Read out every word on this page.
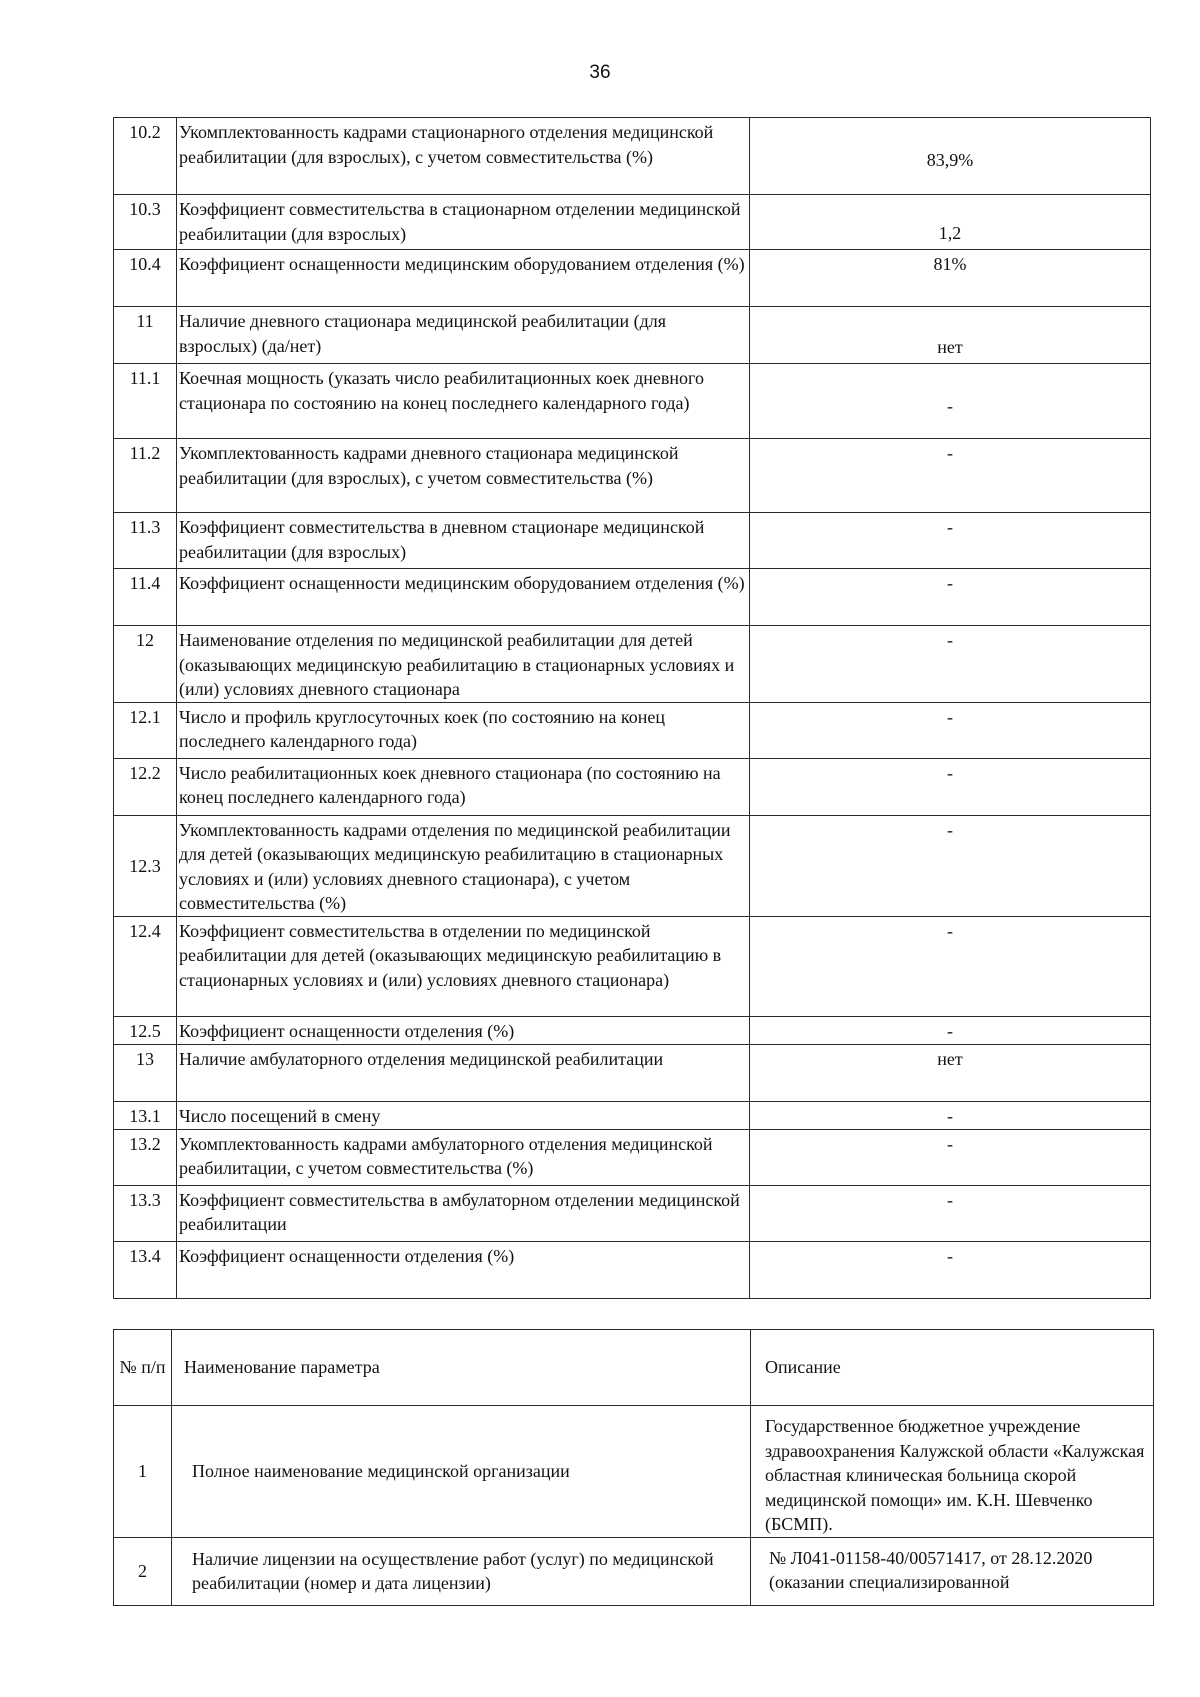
36
10.2	Укомплектованность кадрами стационарного отделения медицинской реабилитации (для взрослых), с учетом совместительства (%)	83,9%
10.3	Коэффициент совместительства в стационарном отделении медицинской реабилитации (для взрослых)	1,2
10.4	Коэффициент оснащенности медицинским оборудованием отделения (%)	81%
11	Наличие дневного стационара медицинской реабилитации (для взрослых) (да/нет)	нет
11.1	Коечная мощность (указать число реабилитационных коек дневного стационара по состоянию на конец последнего календарного года)	-
11.2	Укомплектованность кадрами дневного стационара медицинской реабилитации (для взрослых), с учетом совместительства (%)	-
11.3	Коэффициент совместительства в дневном стационаре медицинской реабилитации (для взрослых)	-
11.4	Коэффициент оснащенности медицинским оборудованием отделения (%)	-
12	Наименование отделения по медицинской реабилитации для детей (оказывающих медицинскую реабилитацию в стационарных условиях и (или) условиях дневного стационара	-
12.1	Число и профиль круглосуточных коек (по состоянию на конец последнего календарного года)	-
12.2	Число реабилитационных коек дневного стационара (по состоянию на конец последнего календарного года)	-
12.3	Укомплектованность кадрами отделения по медицинской реабилитации для детей (оказывающих медицинскую реабилитацию в стационарных условиях и (или) условиях дневного стационара), с учетом совместительства (%)	-
12.4	Коэффициент совместительства в отделении по медицинской реабилитации для детей (оказывающих медицинскую реабилитацию в стационарных условиях и (или) условиях дневного стационара)	-
12.5	Коэффициент оснащенности отделения (%)	-
13	Наличие амбулаторного отделения медицинской реабилитации	нет
13.1	Число посещений в смену	-
13.2	Укомплектованность кадрами амбулаторного отделения медицинской реабилитации, с учетом совместительства (%)	-
13.3	Коэффициент совместительства в амбулаторном отделении медицинской реабилитации	-
13.4	Коэффициент оснащенности отделения (%)	-
№ п/п	Наименование параметра	Описание
1	Полное наименование медицинской организации	Государственное бюджетное учреждение здравоохранения Калужской области «Калужская областная клиническая больница скорой медицинской помощи» им. К.Н. Шевченко (БСМП).
2	Наличие лицензии на осуществление работ (услуг) по медицинской реабилитации (номер и дата лицензии)	№ Л041-01158-40/00571417, от 28.12.2020 (оказании специализированной
